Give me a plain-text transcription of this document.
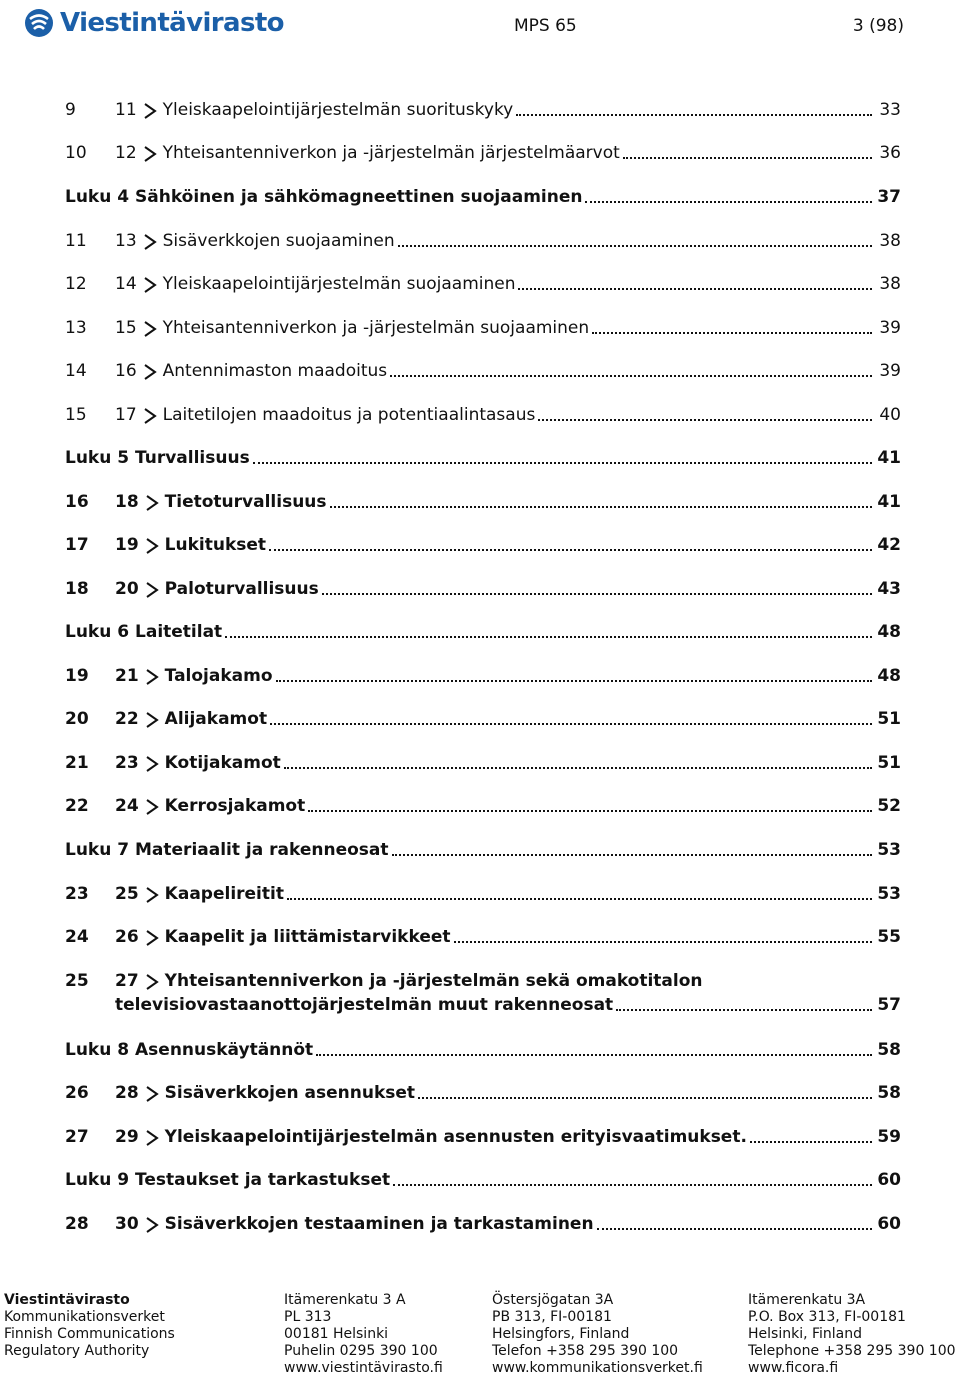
Viestintävirasto	MPS 65	3 (98)
9	11 Yleiskaapelointijärjestelmän suorituskyky	33
10	12 Yhteisantenniverkon ja -järjestelmän järjestelmäarvot	36
Luku 4 Sähköinen ja sähkömagneettinen suojaaminen	37
11	13 Sisäverkkojen suojaaminen	38
12	14 Yleiskaapelointijärjestelmän suojaaminen	38
13	15 Yhteisantenniverkon ja -järjestelmän suojaaminen	39
14	16 Antennimaston maadoitus	39
15	17 Laitetilojen maadoitus ja potentiaalintasaus	40
Luku 5 Turvallisuus	41
16	18 Tietoturvallisuus	41
17	19 Lukitukset	42
18	20 Paloturvallisuus	43
Luku 6 Laitetilat	48
19	21 Talojakamo	48
20	22 Alijakamot	51
21	23 Kotijakamot	51
22	24 Kerrosjakamot	52
Luku 7 Materiaalit ja rakenneosat	53
23	25 Kaapelireitit	53
24	26 Kaapelit ja liittämistarvikkeet	55
25	27 Yhteisantenniverkon ja -järjestelmän sekä omakotitalon
televisiovastaanottojärjestelmän muut rakenneosat	57
Luku 8 Asennuskäytännöt	58
26	28 Sisäverkkojen asennukset	58
27	29 Yleiskaapelointijärjestelmän asennusten erityisvaatimukset.	59
Luku 9 Testaukset ja tarkastukset	60
28	30 Sisäverkkojen testaaminen ja tarkastaminen	60
Viestintävirasto
Kommunikationsverket
Finnish Communications
Regulatory Authority
Itämerenkatu 3 A
PL 313
00181 Helsinki
Puhelin 0295 390 100
www.viestintävirasto.fi
Östersjögatan 3A
PB 313, FI-00181
Helsingfors, Finland
Telefon +358 295 390 100
www.kommunikationsverket.fi
Itämerenkatu 3A
P.O. Box 313, FI-00181
Helsinki, Finland
Telephone +358 295 390 100
www.ficora.fi
